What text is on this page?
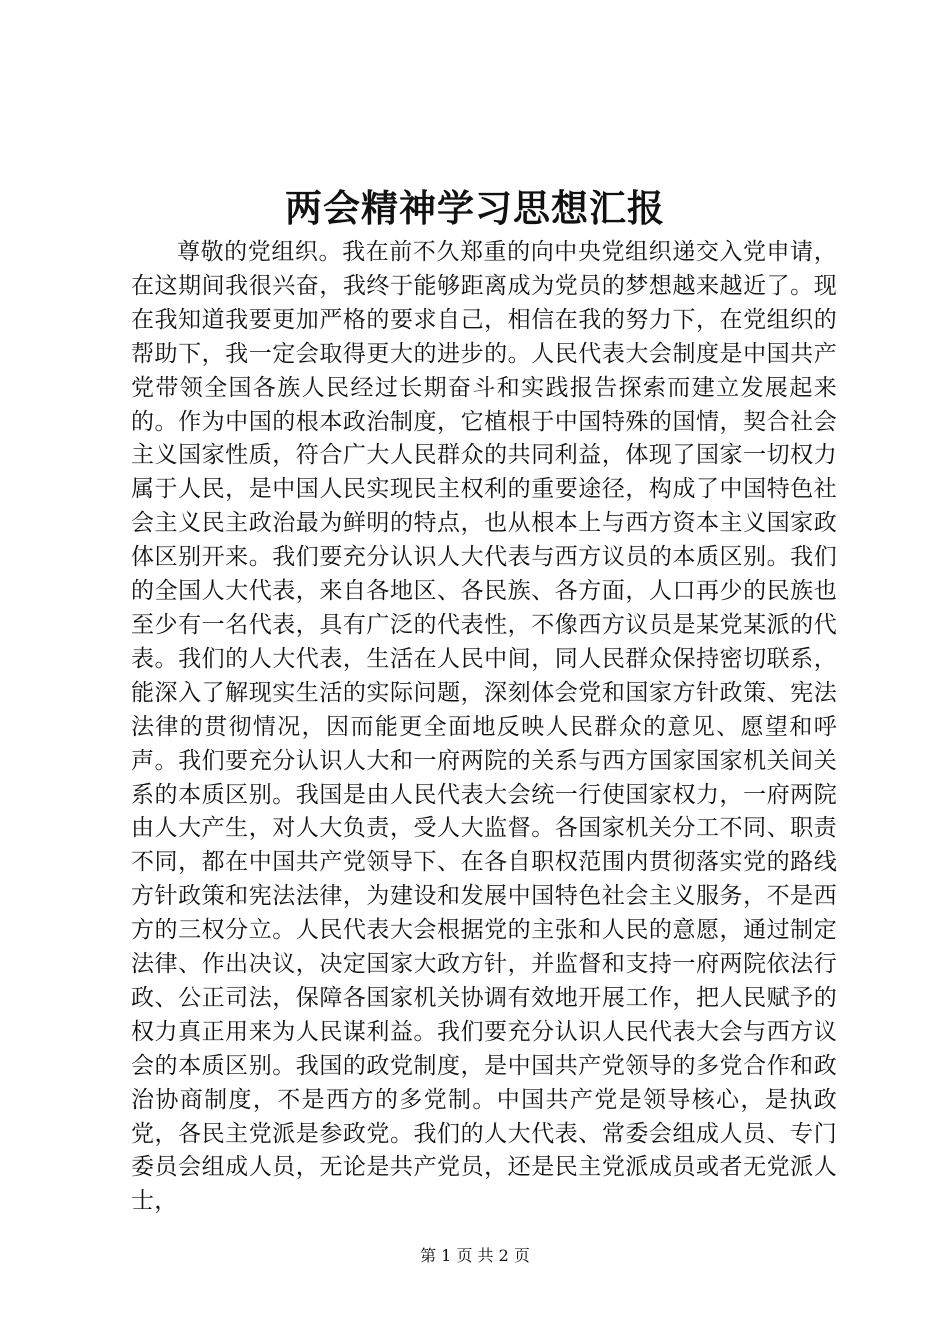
两会精神学习思想汇报

尊敬的党组织。我在前不久郑重的向中央党组织递交入党申请，在这期间我很兴奋，我终于能够距离成为党员的梦想越来越近了。现在我知道我要更加严格的要求自己，相信在我的努力下，在党组织的帮助下，我一定会取得更大的进步的。人民代表大会制度是中国共产党带领全国各族人民经过长期奋斗和实践报告探索而建立发展起来的。作为中国的根本政治制度，它植根于中国特殊的国情，契合社会主义国家性质，符合广大人民群众的共同利益，体现了国家一切权力属于人民，是中国人民实现民主权利的重要途径，构成了中国特色社会主义民主政治最为鲜明的特点，也从根本上与西方资本主义国家政体区别开来。我们要充分认识人大代表与西方议员的本质区别。我们的全国人大代表，来自各地区、各民族、各方面，人口再少的民族也至少有一名代表，具有广泛的代表性，不像西方议员是某党某派的代表。我们的人大代表，生活在人民中间，同人民群众保持密切联系，能深入了解现实生活的实际问题，深刻体会党和国家方针政策、宪法法律的贯彻情况，因而能更全面地反映人民群众的意见、愿望和呼声。我们要充分认识人大和一府两院的关系与西方国家国家机关间关系的本质区别。我国是由人民代表大会统一行使国家权力，一府两院由人大产生，对人大负责，受人大监督。各国家机关分工不同、职责不同，都在中国共产党领导下、在各自职权范围内贯彻落实党的路线方针政策和宪法法律，为建设和发展中国特色社会主义服务，不是西方的三权分立。人民代表大会根据党的主张和人民的意愿，通过制定法律、作出决议，决定国家大政方针，并监督和支持一府两院依法行政、公正司法，保障各国家机关协调有效地开展工作，把人民赋予的权力真正用来为人民谋利益。我们要充分认识人民代表大会与西方议会的本质区别。我国的政党制度，是中国共产党领导的多党合作和政治协商制度，不是西方的多党制。中国共产党是领导核心，是执政党，各民主党派是参政党。我们的人大代表、常委会组成人员、专门委员会组成人员，无论是共产党员，还是民主党派成员或者无党派人士，

第 1 页 共 2 页
